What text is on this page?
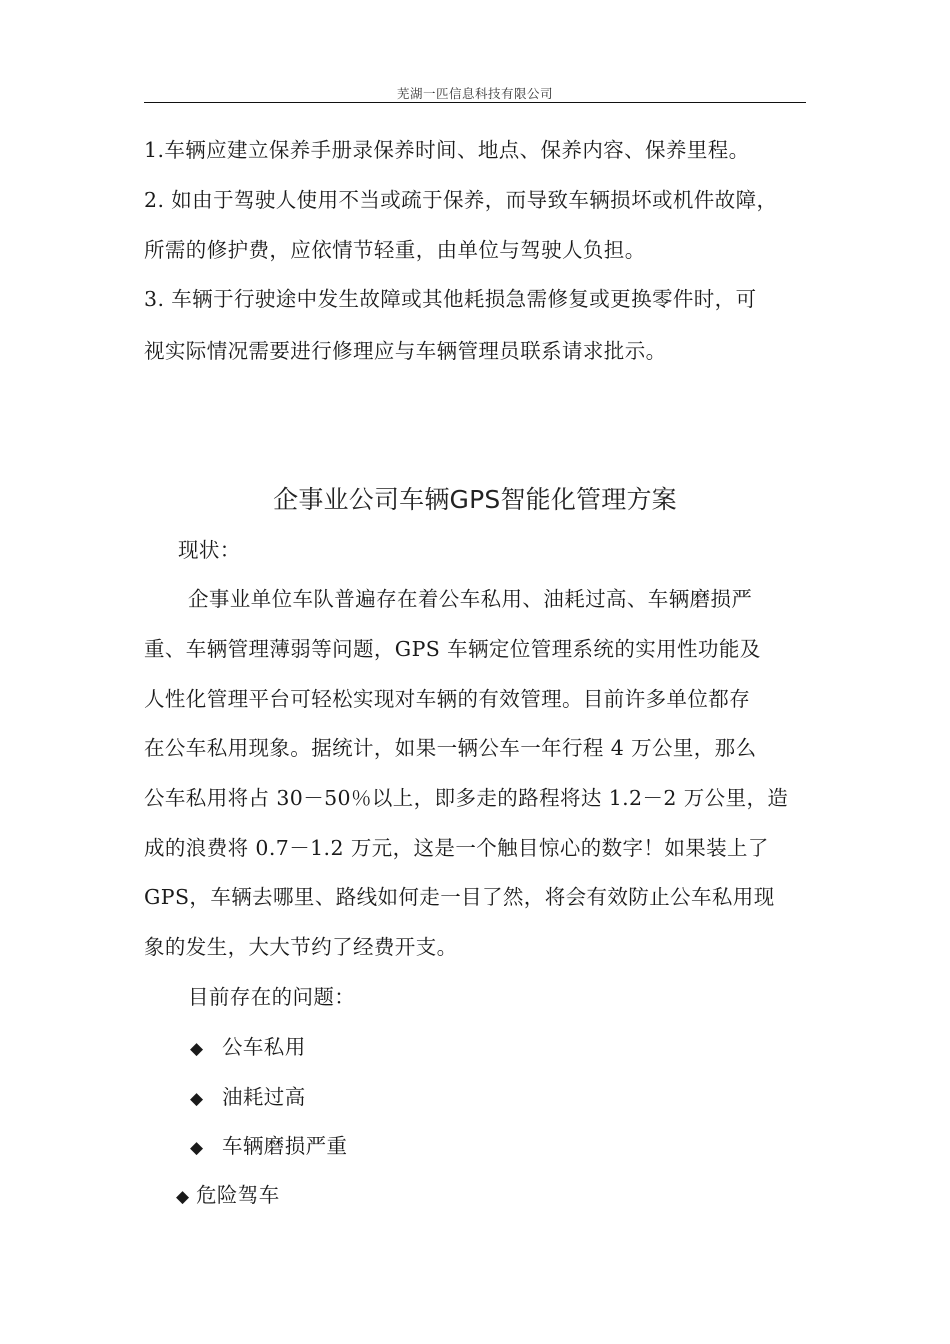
芜湖一匹信息科技有限公司
1.车辆应建立保养手册录保养时间、地点、保养内容、保养里程。
2. 如由于驾驶人使用不当或疏于保养，而导致车辆损坏或机件故障，
所需的修护费，应依情节轻重，由单位与驾驶人负担。
3. 车辆于行驶途中发生故障或其他耗损急需修复或更换零件时，可
视实际情况需要进行修理应与车辆管理员联系请求批示。
企事业公司车辆GPS智能化管理方案
现状：
企事业单位车队普遍存在着公车私用、油耗过高、车辆磨损严
重、车辆管理薄弱等问题，GPS 车辆定位管理系统的实用性功能及
人性化管理平台可轻松实现对车辆的有效管理。目前许多单位都存
在公车私用现象。据统计，如果一辆公车一年行程 4 万公里，那么
公车私用将占 30－50％以上，即多走的路程将达 1.2－2 万公里，造
成的浪费将 0.7－1.2 万元，这是一个触目惊心的数字！如果装上了
GPS，车辆去哪里、路线如何走一目了然，将会有效防止公车私用现
象的发生，大大节约了经费开支。
目前存在的问题：
◆ 公车私用
◆ 油耗过高
◆ 车辆磨损严重
◆ 危险驾车
